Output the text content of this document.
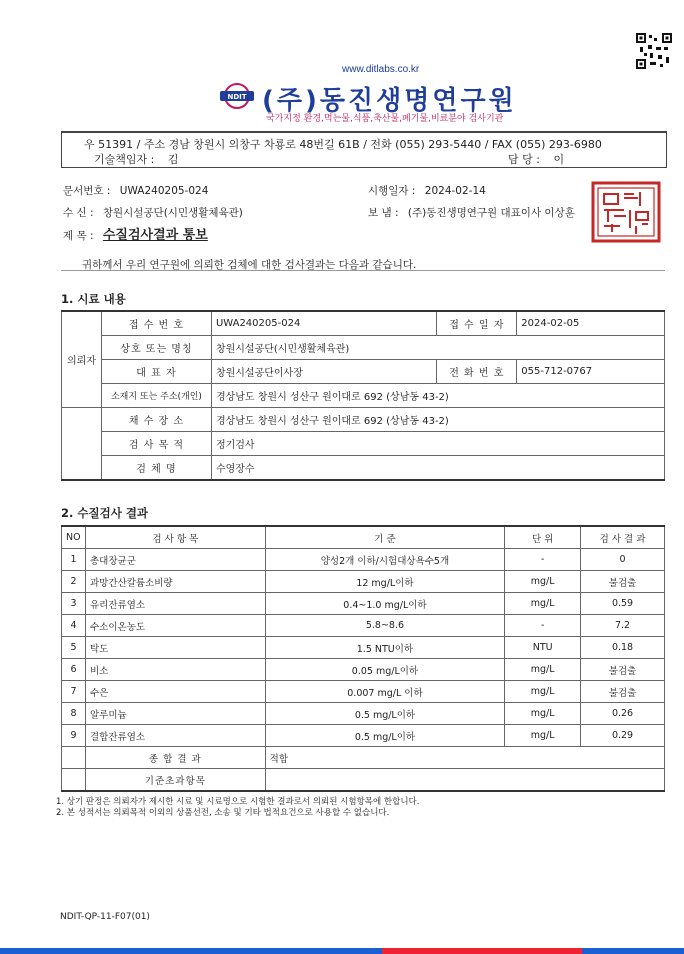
www.ditlabs.co.kr
NDIT (주)동진생명연구원
국가지정 환경,먹는물,식품,축산물,폐기물,비료분야 검사기관
우 51391 / 주소 경남 창원시 의창구 차룡로 48번길 61B / 전화 (055) 293-5440 / FAX (055) 293-6980
기술책임자 : 김	담 당 : 이
문서번호 : UWA240205-024
수 신 : 창원시설공단(시민생활체육관)
제 목 : 수질검사결과 통보
시행일자 : 2024-02-14
보 냄 : (주)동진생명연구원 대표이사 이상훈
귀하께서 우리 연구원에 의뢰한 검체에 대한 검사결과는 다음과 같습니다.
1. 시료 내용
의뢰자	접 수 번 호	UWA240205-024	접 수 일 자	2024-02-05
	상호 또는 명칭	창원시설공단(시민생활체육관)		
	대 표 자	창원시설공단이사장	전 화 번 호	055-712-0767
	소재지 또는 주소(개인)	경상남도 창원시 성산구 원이대로 692 (상남동 43-2)		
	채 수 장 소	경상남도 창원시 성산구 원이대로 692 (상남동 43-2)		
	검 사 목 적	정기검사		
	검 체 명	수영장수		
2. 수질검사 결과
NO	검 사 항 목	기 준	단 위	검 사 결 과
1	총대장균군	양성2개 이하/시험대상욕수5개	-	0
2	과망간산칼륨소비량	12 mg/L이하	mg/L	불검출
3	유리잔류염소	0.4~1.0 mg/L이하	mg/L	0.59
4	수소이온농도	5.8~8.6	-	7.2
5	탁도	1.5 NTU이하	NTU	0.18
6	비소	0.05 mg/L이하	mg/L	불검출
7	수은	0.007 mg/L 이하	mg/L	불검출
8	알루미늄	0.5 mg/L이하	mg/L	0.26
9	결합잔류염소	0.5 mg/L이하	mg/L	0.29
	종 합 결 과	적합		
	기준초과항목			
1. 상기 판정은 의뢰자가 제시한 시료 및 시료명으로 시험한 결과로서 의뢰된 시험항목에 한합니다.
2. 본 성적서는 의뢰목적 이외의 상품선전, 소송 및 기타 법적요건으로 사용할 수 없습니다.
NDIT-QP-11-F07(01)
